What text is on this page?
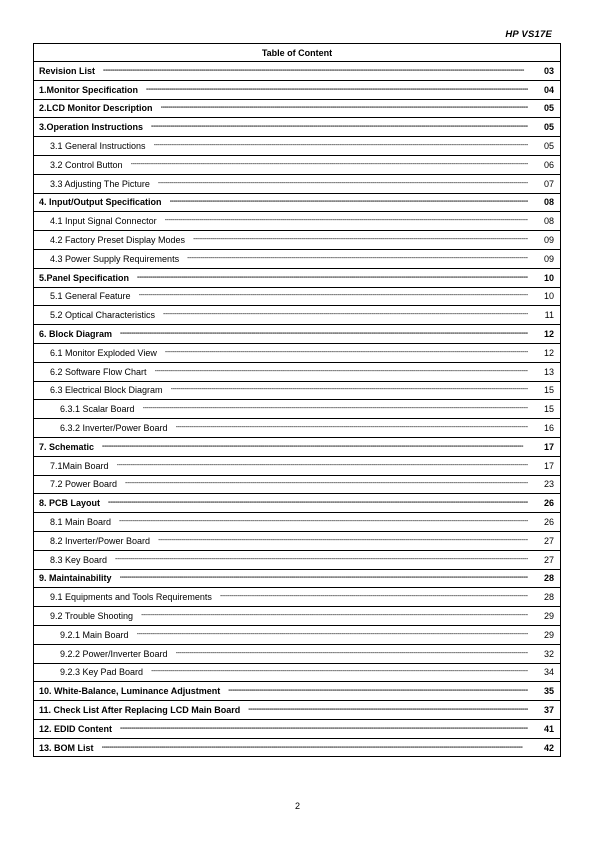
HP VS17E
Table of Content

Revision List -----	03

1.Monitor Specification -----	04

2.LCD Monitor Description -----	05

3.Operation Instructions -----	05

3.1 General Instructions -----	05

3.2 Control Button -----	06

3.3 Adjusting The Picture -----	07

4. Input/Output Specification -----	08

4.1 Input Signal Connector -----	08

4.2 Factory Preset Display Modes -----	09

4.3 Power Supply Requirements -----	09

5.Panel Specification -----	10

5.1 General Feature -----	10

5.2 Optical Characteristics -----	11

6. Block Diagram -----	12

6.1 Monitor Exploded View -----	12

6.2 Software Flow Chart -----	13

6.3 Electrical Block Diagram -----	15

6.3.1 Scalar Board -----	15

6.3.2 Inverter/Power Board -----	16

7. Schematic -----	17

7.1Main Board -----	17

7.2 Power Board -----	23

8. PCB Layout -----	26

8.1 Main Board -----	26

8.2 Inverter/Power Board -----	27

8.3 Key Board -----	27

9. Maintainability -----	28

9.1 Equipments and Tools Requirements -----	28

9.2 Trouble Shooting -----	29

9.2.1 Main Board -----	29

9.2.2 Power/Inverter Board -----	32

9.2.3 Key Pad Board -----	34

10. White-Balance, Luminance Adjustment -----	35

11. Check List After Replacing LCD Main Board -----	37

12. EDID Content -----	41

13. BOM List -----	42
2
